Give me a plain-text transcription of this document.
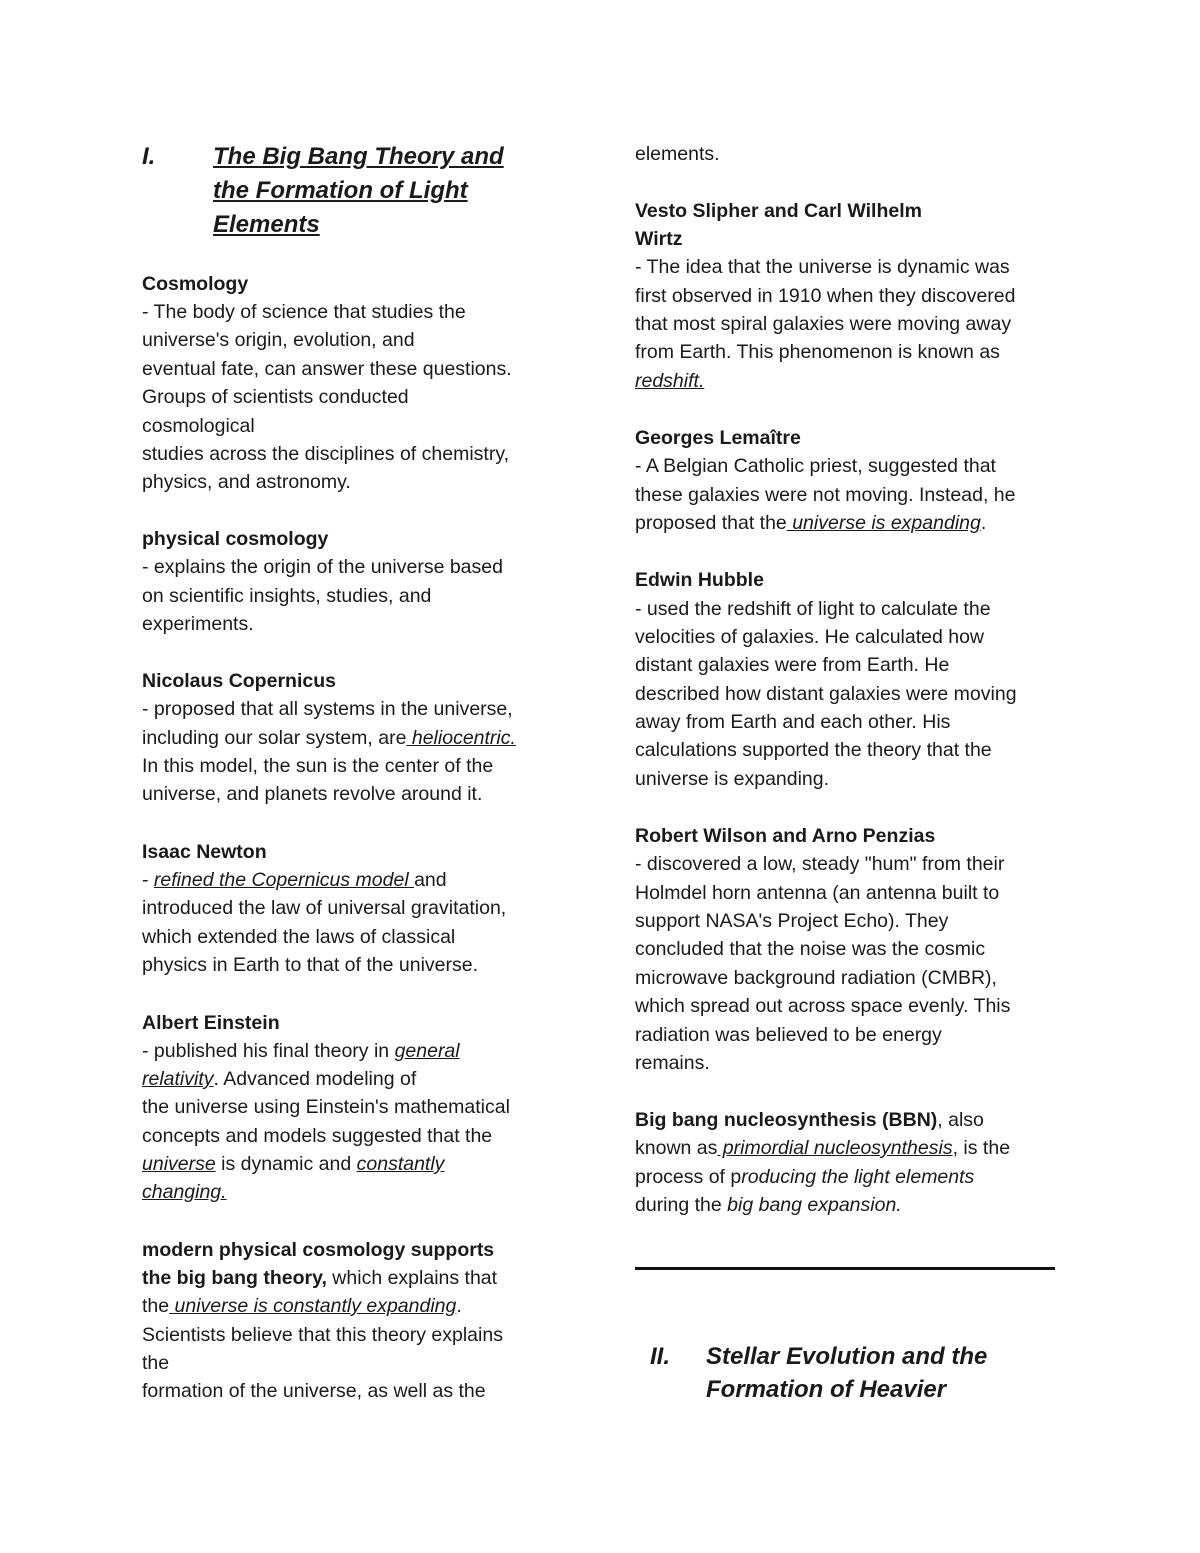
I. The Big Bang Theory and
the Formation of Light
Elements

Cosmology

- The body of science that studies the

universe's origin, evolution, and

eventual fate, can answer these questions.

Groups of scientists conducted

cosmological

studies across the disciplines of chemistry,

physics, and astronomy.

physical cosmology

- explains the origin of the universe based

on scientific insights, studies, and

experiments.

Nicolaus Copernicus

- proposed that all systems in the universe,

including our solar system, are heliocentric.

In this model, the sun is the center of the

universe, and planets revolve around it.

Isaac Newton

- refined the Copernicus model and

introduced the law of universal gravitation,

which extended the laws of classical

physics in Earth to that of the universe.

Albert Einstein

- published his final theory in general

relativity. Advanced modeling of

the universe using Einstein's mathematical

concepts and models suggested that the

universe is dynamic and constantly

changing.

modern physical cosmology supports

the big bang theory, which explains that

the universe is constantly expanding.

Scientists believe that this theory explains

the

formation of the universe, as well as the

elements.

Vesto Slipher and Carl Wilhelm

Wirtz

- The idea that the universe is dynamic was

first observed in 1910 when they discovered

that most spiral galaxies were moving away

from Earth. This phenomenon is known as

redshift.

Georges Lemaître

- A Belgian Catholic priest, suggested that

these galaxies were not moving. Instead, he

proposed that the universe is expanding.

Edwin Hubble

- used the redshift of light to calculate the

velocities of galaxies. He calculated how

distant galaxies were from Earth. He

described how distant galaxies were moving

away from Earth and each other. His

calculations supported the theory that the

universe is expanding.

Robert Wilson and Arno Penzias

- discovered a low, steady "hum" from their

Holmdel horn antenna (an antenna built to

support NASA's Project Echo). They

concluded that the noise was the cosmic

microwave background radiation (CMBR),

which spread out across space evenly. This

radiation was believed to be energy

remains.

Big bang nucleosynthesis (BBN), also

known as primordial nucleosynthesis, is the

process of producing the light elements

during the big bang expansion.

II. Stellar Evolution and the
Formation of Heavier
